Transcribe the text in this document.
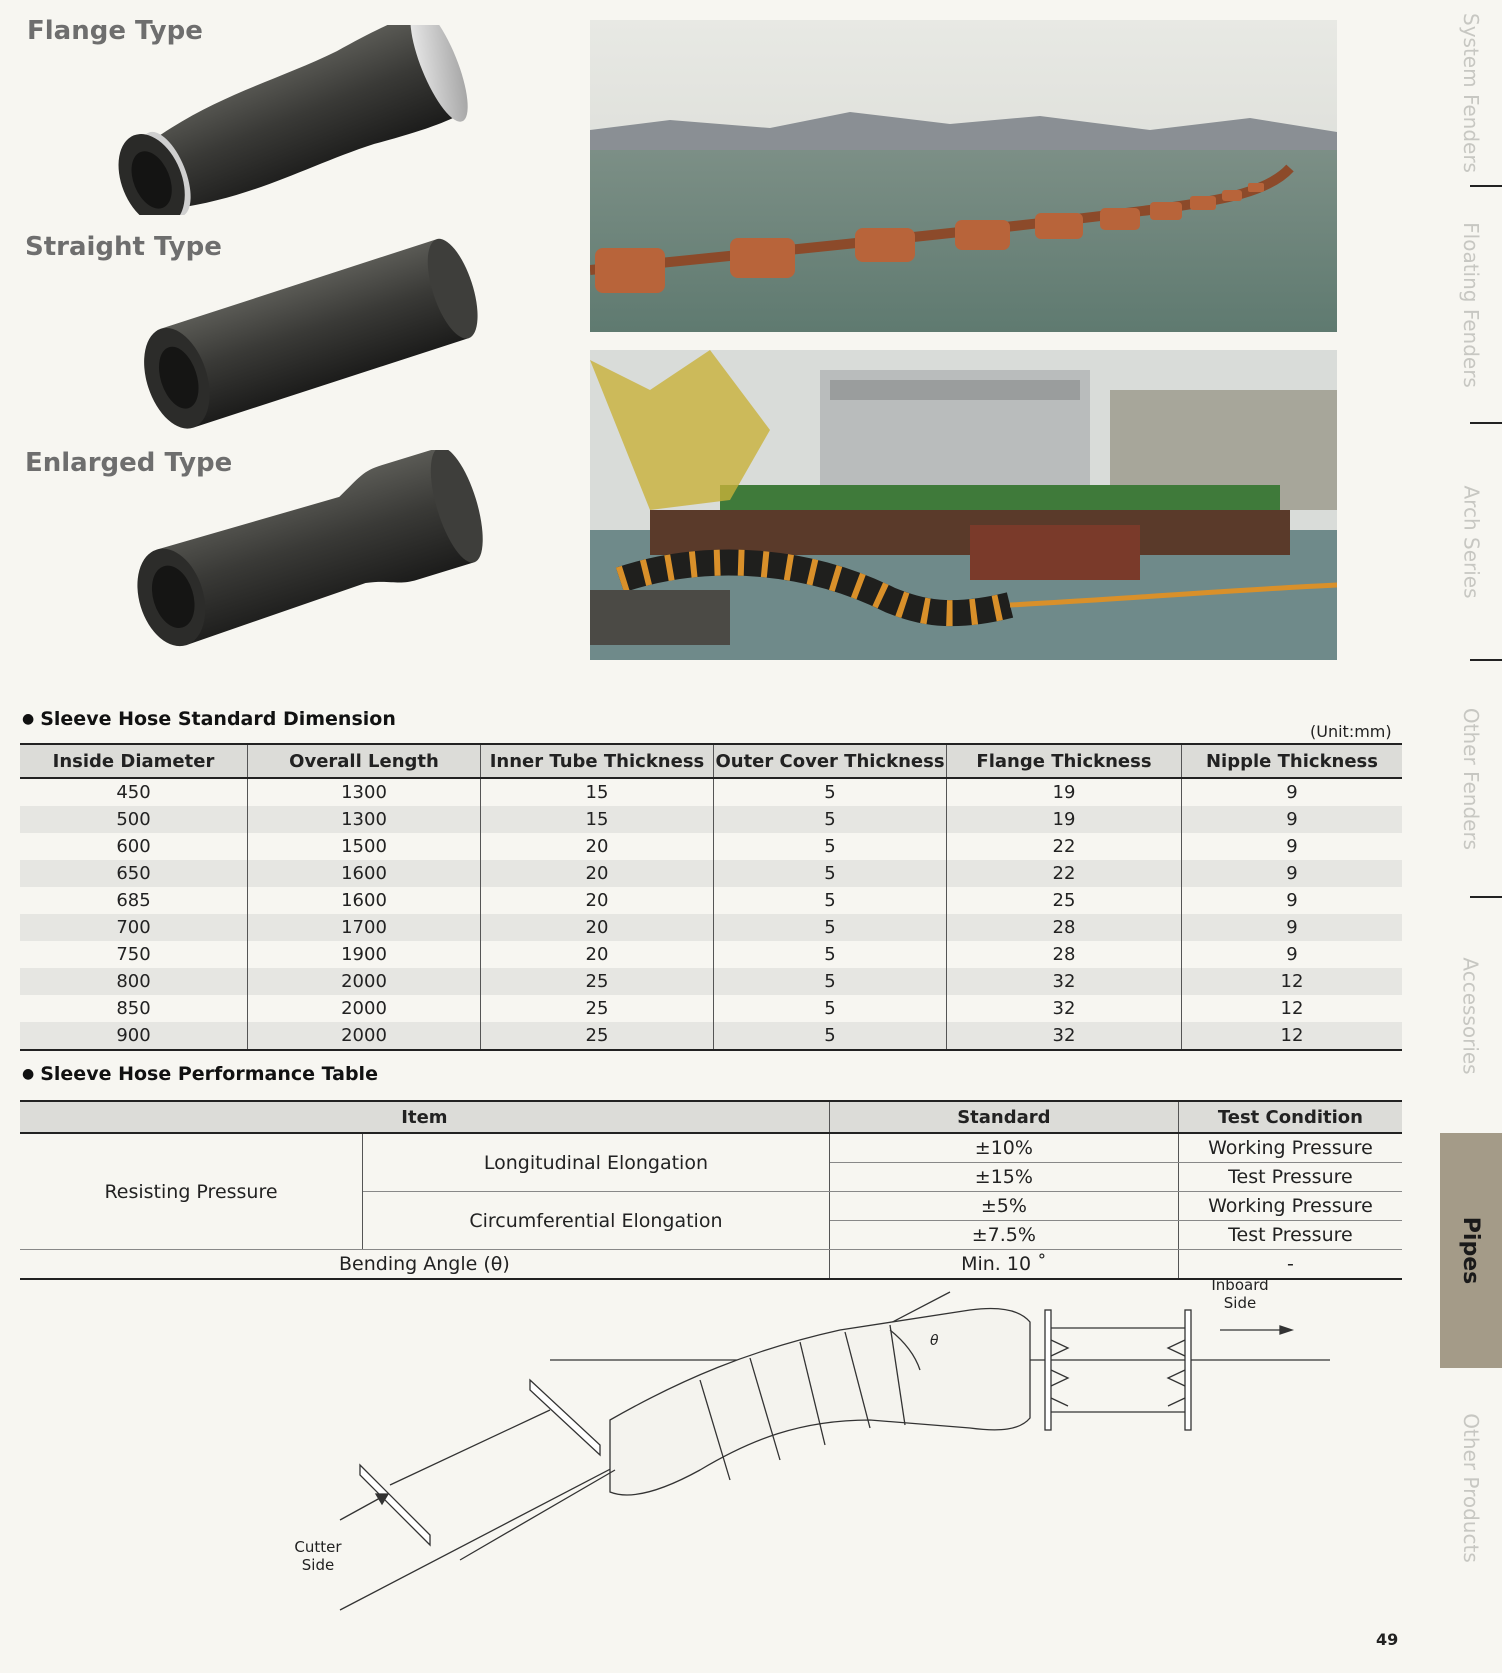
Flange Type
Straight Type
Enlarged Type
System Fenders
Floating Fenders
Arch Series
Other Fenders
Accessories
Pipes
Other Products
● Sleeve Hose Standard Dimension
(Unit:mm)
Inside Diameter	Overall Length	Inner Tube Thickness	Outer Cover Thickness	Flange Thickness	Nipple Thickness
450	1300	15	5	19	9
500	1300	15	5	19	9
600	1500	20	5	22	9
650	1600	20	5	22	9
685	1600	20	5	25	9
700	1700	20	5	28	9
750	1900	20	5	28	9
800	2000	25	5	32	12
850	2000	25	5	32	12
900	2000	25	5	32	12
● Sleeve Hose Performance Table
Item		Standard	Test Condition
Resisting Pressure	Longitudinal Elongation	±10%	Working Pressure
		±15%	Test Pressure
	Circumferential Elongation	±5%	Working Pressure
		±7.5%	Test Pressure
Bending Angle (θ)		Min. 10 ˚	-
θ
Inboard
Side
Cutter
Side
49
